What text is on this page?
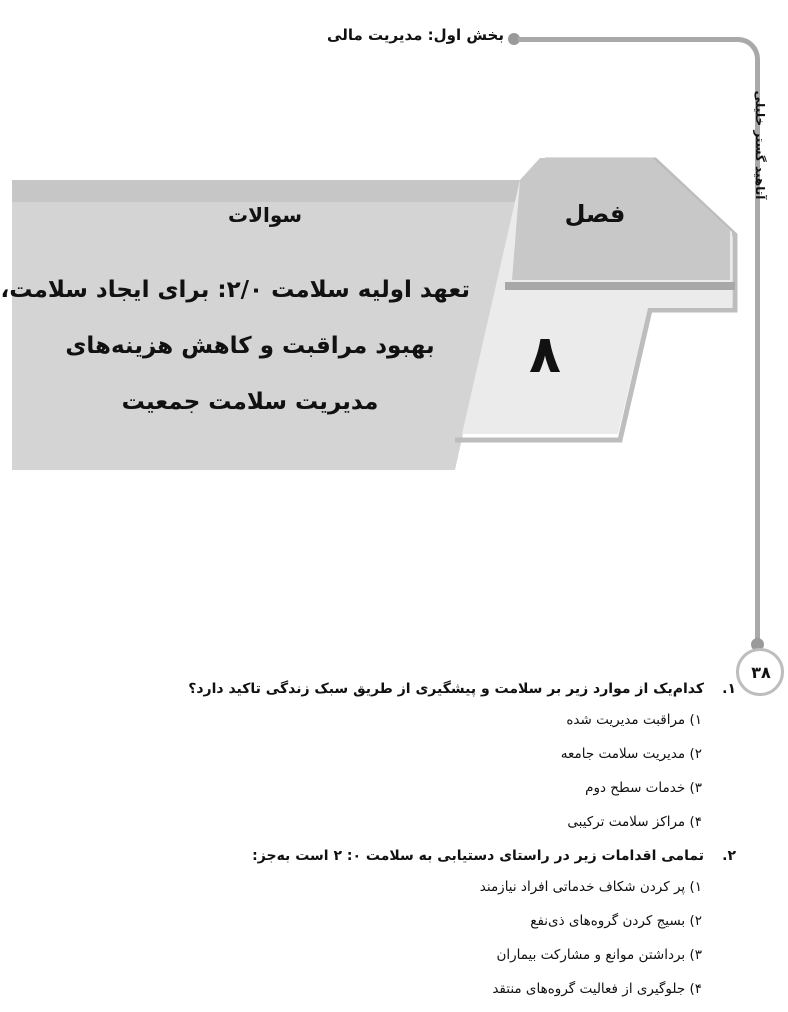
بخش اول: مدیریت مالی
آتاهید گستر خلیلی
۳۸
فصل
۸
سوالات
تعهد اولیه سلامت ۲/۰: برای ایجاد سلامت،
بهبود مراقبت و کاهش هزینه‌های
مدیریت سلامت جمعیت
۱.کدام‌یک از موارد زیر بر سلامت و پیشگیری از طریق سبک زندگی تاکید دارد؟
۱) مراقبت مدیریت شده
۲) مدیریت سلامت جامعه
۳) خدمات سطح دوم
۴) مراکز سلامت ترکیبی
۲.تمامی اقدامات زیر در راستای دستیابی به سلامت ۰: ۲ است به‌جز:
۱) پر کردن شکاف خدماتی افراد نیازمند
۲) بسیج کردن گروه‌های ذی‌نفع
۳) برداشتن موانع و مشارکت بیماران
۴) جلوگیری از فعالیت گروه‌های منتقد
